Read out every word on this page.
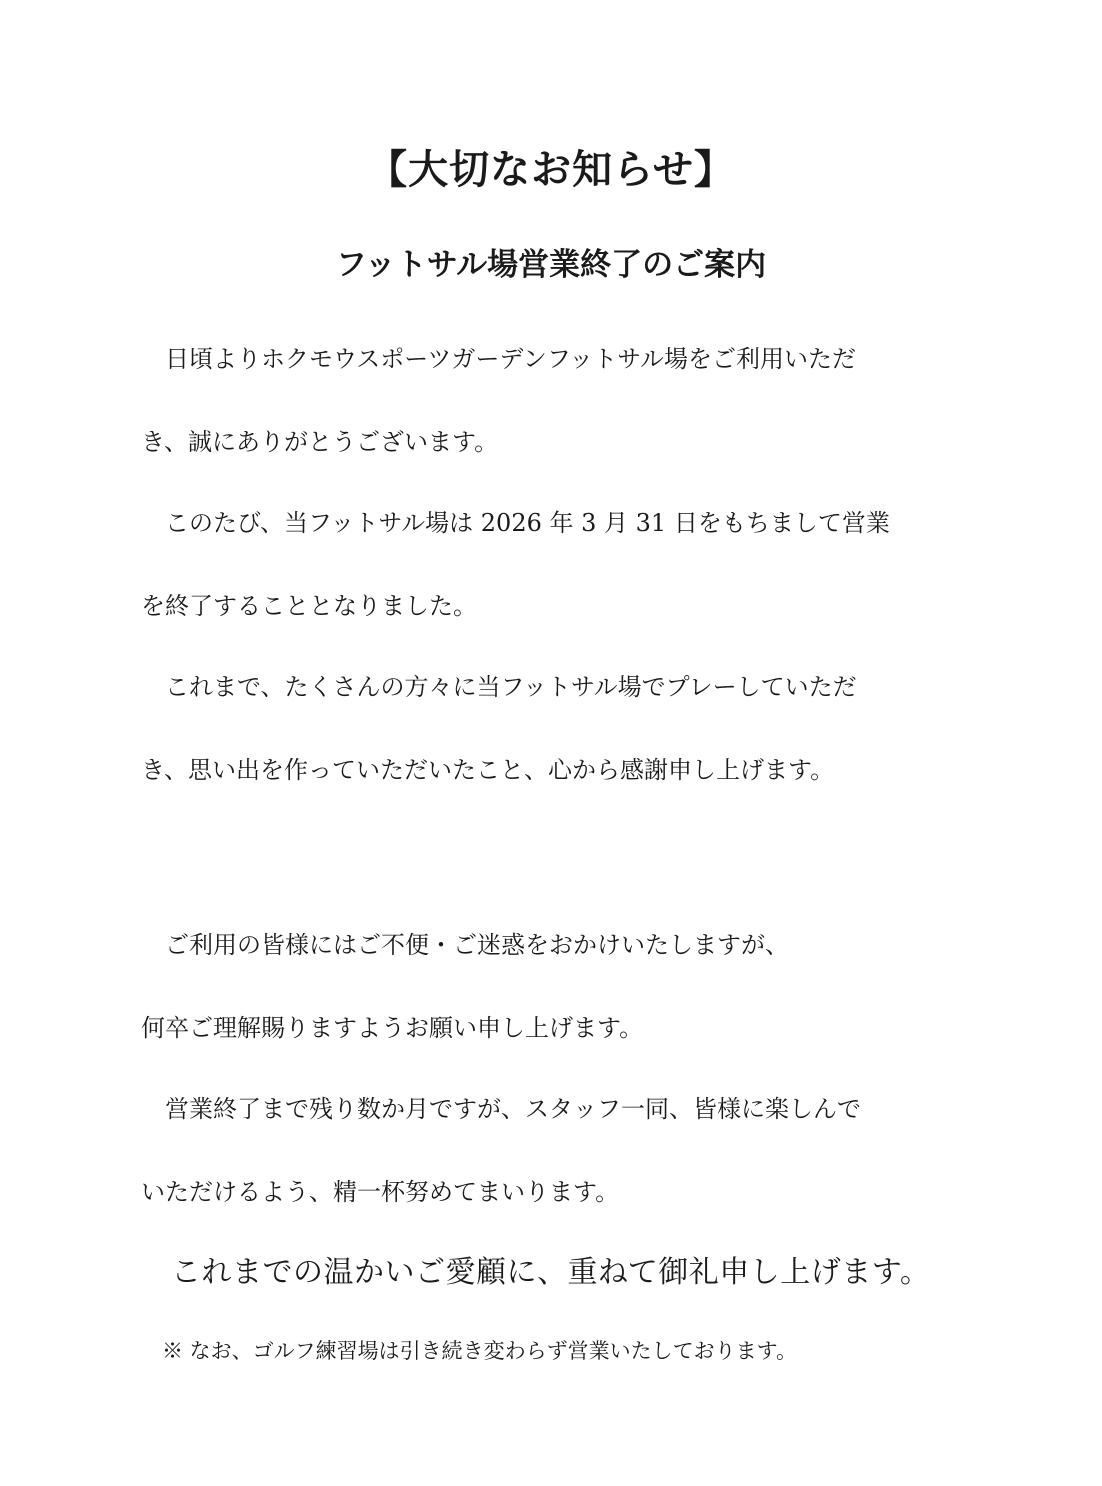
【大切なお知らせ】
フットサル場営業終了のご案内

　日頃よりホクモウスポーツガーデンフットサル場をご利用いただ
き、誠にありがとうございます。

　このたび、当フットサル場は 2026 年 3 月 31 日をもちまして営業
を終了することとなりました。

　これまで、たくさんの方々に当フットサル場でプレーしていただ
き、思い出を作っていただいたこと、心から感謝申し上げます。

　ご利用の皆様にはご不便・ご迷惑をおかけいたしますが、
何卒ご理解賜りますようお願い申し上げます。

　営業終了まで残り数か月ですが、スタッフ一同、皆様に楽しんで
いただけるよう、精一杯努めてまいります。

これまでの温かいご愛顧に、重ねて御礼申し上げます。
※ なお、ゴルフ練習場は引き続き変わらず営業いたしております。
